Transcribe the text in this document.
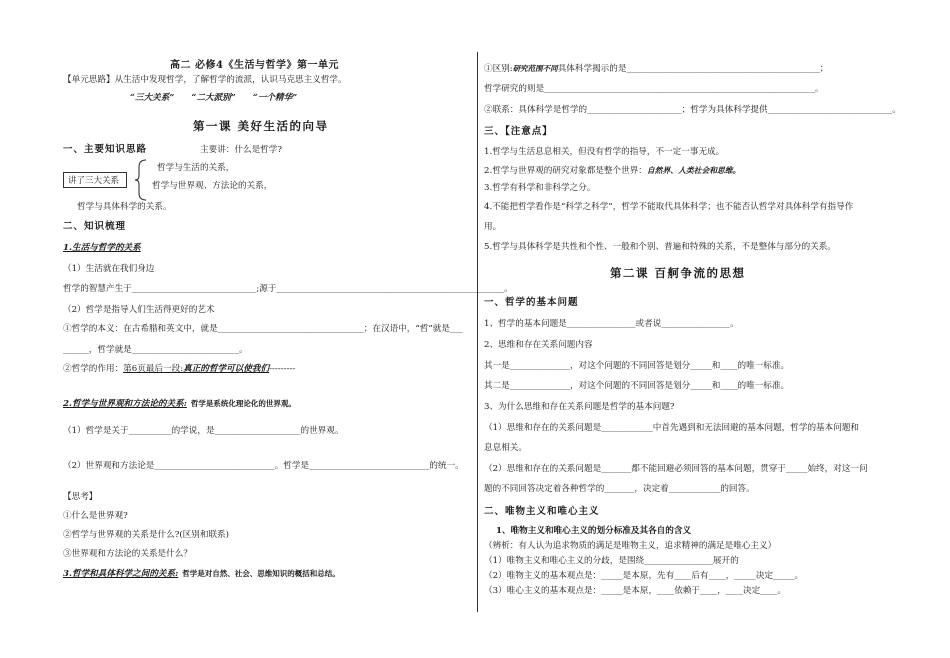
高二 必修4《生活与哲学》第一单元
【单元思路】从生活中发现哲学，了解哲学的流派，认识马克思主义哲学。
“三大关系”　　“二大派别”　　“一个精华”
第一课 美好生活的向导
一、主要知识思路	主要讲：什么是哲学?
讲了三大关系
哲学与生活的关系，
哲学与世界观、方法论的关系，
哲学与具体科学的关系。
二、知识梳理
1.生活与哲学的关系
（1）生活就在我们身边
哲学的智慧产生于_____________________________;源于_____________________________________________________。
（2）哲学是指导人们生活得更好的艺术
①哲学的本义：在古希腊和英文中，就是__________________________________；在汉语中，“哲”就是___
______，哲学就是_________________________。
②哲学的作用：第6页最后一段:真正的哲学可以使我们---------
2.哲学与世界观和方法论的关系: 哲学是系统化理论化的世界观。
（1）哲学是关于__________的学说，是____________________的世界观。
（2）世界观和方法论是____________________________。哲学是____________________________的统一。
【思考】
①什么是世界观?
②哲学与世界观的关系是什么?(区别和联系)
③世界观和方法论的关系是什么？
3.哲学和具体科学之间的关系: 哲学是对自然、社会、思维知识的概括和总结。
①区别:研究范围不同具体科学揭示的是_____________________________________________；
哲学研究的则是_______________________________________________________________。
②联系：具体科学是哲学的______________________；哲学为具体科学提供_____________________________。
三、【注意点】
1.哲学与生活息息相关，但没有哲学的指导，不一定一事无成。
2.哲学与世界观的研究对象都是整个世界：自然界、人类社会和思维。
3.哲学有科学和非科学之分。
4.不能把哲学看作是“科学之科学”，哲学不能取代具体科学；也不能否认哲学对具体科学有指导作
用。
5.哲学与具体科学是共性和个性、一般和个别、普遍和特殊的关系，不是整体与部分的关系。
第二课 百舸争流的思想
一、哲学的基本问题
1、哲学的基本问题是________________或者说________________。
2、思维和存在关系问题内容
其一是______________，对这个问题的不同回答是划分_____和____的唯一标准。
其二是______________，对这个问题的不同回答是划分_____和____的唯一标准。
3、为什么思维和存在关系问题是哲学的基本问题?
（1）思维和存在的关系问题是____________中首先遇到和无法回避的基本问题，哲学的基本问题和
息息相关。
（2）思维和存在的关系问题是_______都不能回避必须回答的基本问题，贯穿于_____始终，对这一问
题的不同回答决定着各种哲学的_______，决定着____________的回答。
二、唯物主义和唯心主义
1、唯物主义和唯心主义的划分标准及其各自的含义
（辨析：有人认为追求物质的满足是唯物主义，追求精神的满足是唯心主义）
（1）唯物主义和唯心主义的分歧，是围绕________________展开的
（2）唯物主义的基本观点是：_____是本原，先有____后有____，_____决定_____。
（3）唯心主义的基本观点是：_____是本原，____依赖于____，____决定____。
